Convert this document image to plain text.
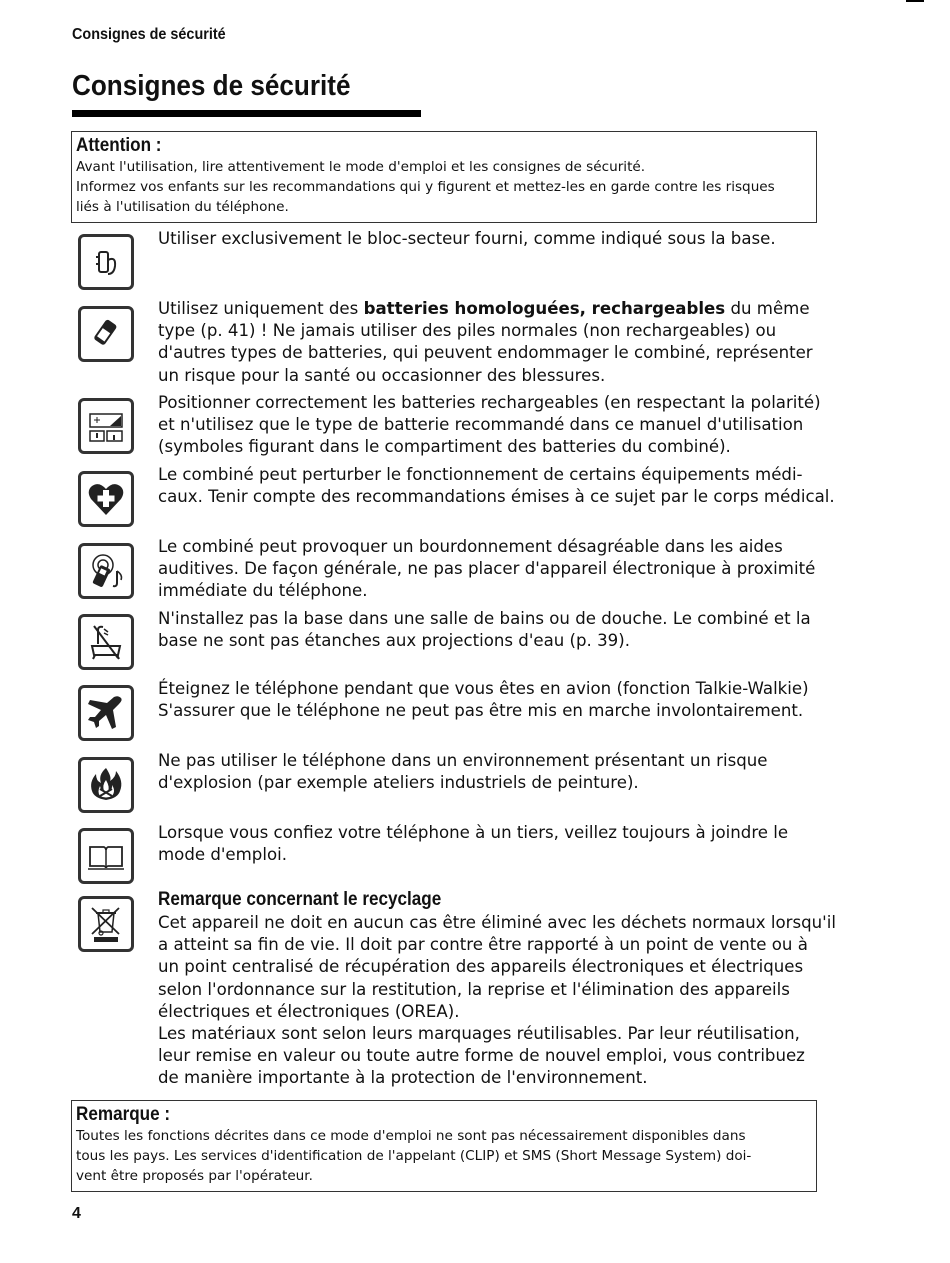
Consignes de sécurité
Consignes de sécurité
Attention :

Avant l'utilisation, lire attentivement le mode d'emploi et les consignes de sécurité.
Informez vos enfants sur les recommandations qui y figurent et mettez-les en garde contre les risques
liés à l'utilisation du téléphone.

Utiliser exclusivement le bloc-secteur fourni, comme indiqué sous la base.

Utilisez uniquement des batteries homologuées, rechargeables du même
type (p. 41) ! Ne jamais utiliser des piles normales (non rechargeables) ou
d'autres types de batteries, qui peuvent endommager le combiné, représenter
un risque pour la santé ou occasionner des blessures.

Positionner correctement les batteries rechargeables (en respectant la polarité)
et n'utilisez que le type de batterie recommandé dans ce manuel d'utilisation
(symboles figurant dans le compartiment des batteries du combiné).

Le combiné peut perturber le fonctionnement de certains équipements médi-
caux. Tenir compte des recommandations émises à ce sujet par le corps médical.

Le combiné peut provoquer un bourdonnement désagréable dans les aides
auditives. De façon générale, ne pas placer d'appareil électronique à proximité
immédiate du téléphone.

N'installez pas la base dans une salle de bains ou de douche. Le combiné et la
base ne sont pas étanches aux projections d'eau (p. 39).

Éteignez le téléphone pendant que vous êtes en avion (fonction Talkie-Walkie)
S'assurer que le téléphone ne peut pas être mis en marche involontairement.

Ne pas utiliser le téléphone dans un environnement présentant un risque
d'explosion (par exemple ateliers industriels de peinture).

Lorsque vous confiez votre téléphone à un tiers, veillez toujours à joindre le
mode d'emploi.

Remarque concernant le recyclage

Cet appareil ne doit en aucun cas être éliminé avec les déchets normaux lorsqu'il
a atteint sa fin de vie. Il doit par contre être rapporté à un point de vente ou à
un point centralisé de récupération des appareils électroniques et électriques
selon l'ordonnance sur la restitution, la reprise et l'élimination des appareils
électriques et électroniques (OREA).
Les matériaux sont selon leurs marquages réutilisables. Par leur réutilisation,
leur remise en valeur ou toute autre forme de nouvel emploi, vous contribuez
de manière importante à la protection de l'environnement.

Remarque :

Toutes les fonctions décrites dans ce mode d'emploi ne sont pas nécessairement disponibles dans
tous les pays. Les services d'identification de l'appelant (CLIP) et SMS (Short Message System) doi-
vent être proposés par l'opérateur.

4
